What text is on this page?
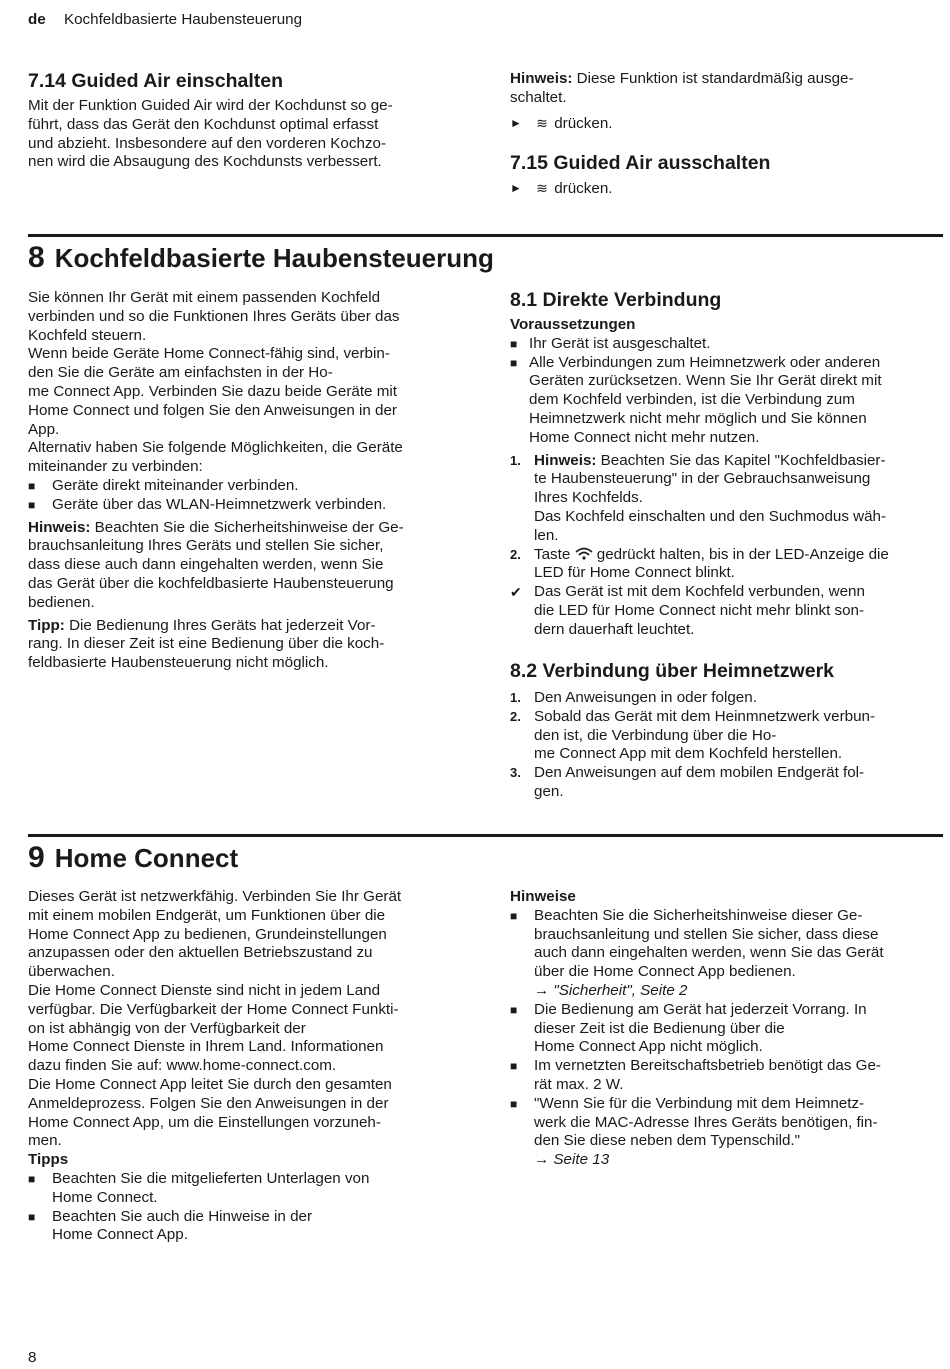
de Kochfeldbasierte Haubensteuerung
7.14 Guided Air einschalten

Mit der Funktion Guided Air wird der Kochdunst so ge-

führt, dass das Gerät den Kochdunst optimal erfasst

und abzieht. Insbesondere auf den vorderen Kochzo-

nen wird die Absaugung des Kochdunsts verbessert.

Hinweis: Diese Funktion ist standardmäßig ausge-

schaltet.

► ≋ drücken.
7.15 Guided Air ausschalten
► ≋ drücken.
8 Kochfeldbasierte Haubensteuerung

Sie können Ihr Gerät mit einem passenden Kochfeld

verbinden und so die Funktionen Ihres Geräts über das

Kochfeld steuern.

Wenn beide Geräte Home Connect-fähig sind, verbin-

den Sie die Geräte am einfachsten in der Ho-

me Connect App. Verbinden Sie dazu beide Geräte mit

Home Connect und folgen Sie den Anweisungen in der

App.

Alternativ haben Sie folgende Möglichkeiten, die Geräte

miteinander zu verbinden:

■ Geräte direkt miteinander verbinden.
■ Geräte über das WLAN-Heimnetzwerk verbinden.

Hinweis: Beachten Sie die Sicherheitshinweise der Ge-

brauchsanleitung Ihres Geräts und stellen Sie sicher,

dass diese auch dann eingehalten werden, wenn Sie

das Gerät über die kochfeldbasierte Haubensteuerung

bedienen.

Tipp: Die Bedienung Ihres Geräts hat jederzeit Vor-

rang. In dieser Zeit ist eine Bedienung über die koch-

feldbasierte Haubensteuerung nicht möglich.

8.1 Direkte Verbindung

Voraussetzungen

■ Ihr Gerät ist ausgeschaltet.
■ Alle Verbindungen zum Heimnetzwerk oder anderen

Geräten zurücksetzen. Wenn Sie Ihr Gerät direkt mit

dem Kochfeld verbinden, ist die Verbindung zum

Heimnetzwerk nicht mehr möglich und Sie können

Home Connect nicht mehr nutzen.

1. Hinweis: Beachten Sie das Kapitel "Kochfeldbasier-

te Haubensteuerung" in der Gebrauchsanweisung

Ihres Kochfelds.

Das Kochfeld einschalten und den Suchmodus wäh-

len.

2. Taste  gedrückt halten, bis in der LED-Anzeige die

LED für Home Connect blinkt.

✔ Das Gerät ist mit dem Kochfeld verbunden, wenn

die LED für Home Connect nicht mehr blinkt son-

dern dauerhaft leuchtet.

8.2 Verbindung über Heimnetzwerk
1. Den Anweisungen in oder folgen.

2. Sobald das Gerät mit dem Heinmnetzwerk verbun-

den ist, die Verbindung über die Ho-

me Connect App mit dem Kochfeld herstellen.

3. Den Anweisungen auf dem mobilen Endgerät fol-

gen.

9 Home Connect

Dieses Gerät ist netzwerkfähig. Verbinden Sie Ihr Gerät

mit einem mobilen Endgerät, um Funktionen über die

Home Connect App zu bedienen, Grundeinstellungen

anzupassen oder den aktuellen Betriebszustand zu

überwachen.

Die Home Connect Dienste sind nicht in jedem Land

verfügbar. Die Verfügbarkeit der Home Connect Funkti-

on ist abhängig von der Verfügbarkeit der

Home Connect Dienste in Ihrem Land. Informationen

dazu finden Sie auf: www.home-connect.com.

Die Home Connect App leitet Sie durch den gesamten

Anmeldeprozess. Folgen Sie den Anweisungen in der

Home Connect App, um die Einstellungen vorzuneh-

men.

Tipps

■ Beachten Sie die mitgelieferten Unterlagen von

Home Connect.

■ Beachten Sie auch die Hinweise in der

Home Connect App.

Hinweise

■ Beachten Sie die Sicherheitshinweise dieser Ge-

brauchsanleitung und stellen Sie sicher, dass diese

auch dann eingehalten werden, wenn Sie das Gerät

über die Home Connect App bedienen.

→ "Sicherheit", Seite 2

■ Die Bedienung am Gerät hat jederzeit Vorrang. In

dieser Zeit ist die Bedienung über die

Home Connect App nicht möglich.

■ Im vernetzten Bereitschaftsbetrieb benötigt das Ge-

rät max. 2 W.

■ "Wenn Sie für die Verbindung mit dem Heimnetz-

werk die MAC-Adresse Ihres Geräts benötigen, fin-

den Sie diese neben dem Typenschild."

→ Seite 13

8
